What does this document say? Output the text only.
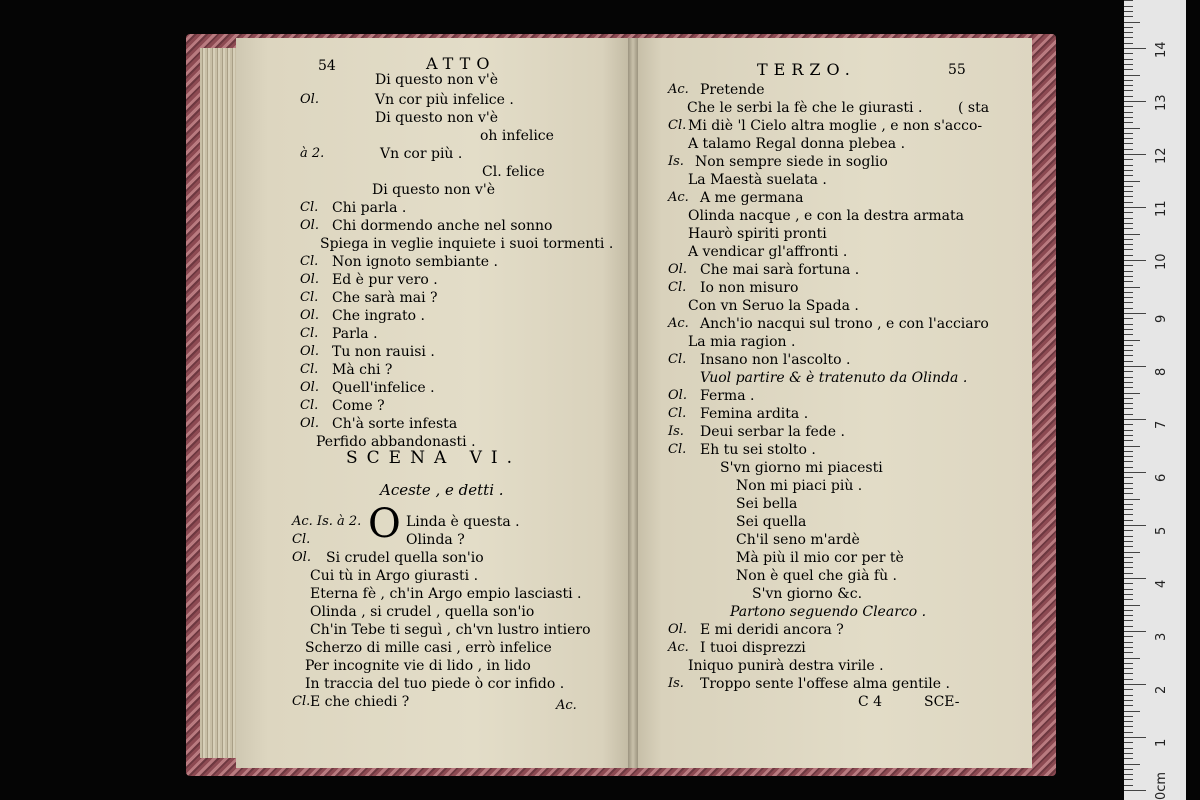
54	ATTO
Di questo non v'è
Ol.	Vn cor più infelice .
Di questo non v'è
oh infelice
à 2.	Vn cor più .
Cl. felice
Di questo non v'è
Cl. Chi parla .
Ol. Chi dormendo anche nel sonno
Spiega in veglie inquiete i suoi tormenti .
Cl. Non ignoto sembiante .
Ol. Ed è pur vero .
Cl. Che sarà mai ?
Ol. Che ingrato .
Cl. Parla .
Ol. Tu non rauisi .
Cl. Mà chi ?
Ol. Quell'infelice .
Cl. Come ?
Ol. Ch'à sorte infesta
Perfido abbandonasti .
SCENA VI.
Aceste , e detti .
O
Ac. Is. à 2.	Linda è questa .
Cl.	Olinda ?
Ol. Si crudel quella son'io
Cui tù in Argo giurasti .
Eterna fè , ch'in Argo empio lasciasti .
Olinda , si crudel , quella son'io
Ch'in Tebe ti seguì , ch'vn lustro intiero
Scherzo di mille casi , errò infelice
Per incognite vie di lido , in lido
In traccia del tuo piede ò cor infido .
Cl. E che chiedi ?	Ac.
TERZO.	55
Ac. Pretende
Che le serbi la fè che le giurasti .	( sta
Cl. Mi diè 'l Cielo altra moglie , e non s'acco-
A talamo Regal donna plebea .
Is. Non sempre siede in soglio
La Maestà suelata .
Ac. A me germana
Olinda nacque , e con la destra armata
Haurò spiriti pronti
A vendicar gl'affronti .
Ol. Che mai sarà fortuna .
Cl. Io non misuro
Con vn Seruo la Spada .
Ac. Anch'io nacqui sul trono , e con l'acciaro
La mia ragion .
Cl. Insano non l'ascolto .
Vuol partire & è tratenuto da Olinda .
Ol. Ferma .
Cl. Femina ardita .
Is. Deui serbar la fede .
Cl. Eh tu sei stolto .
S'vn giorno mi piacesti
Non mi piaci più .
Sei bella
Sei quella
Ch'il seno m'ardè
Mà più il mio cor per tè
Non è quel che già fù .
S'vn giorno &c.
Partono seguendo Clearco .
Ol. E mi deridi ancora ?
Ac. I tuoi disprezzi
Iniquo punirà destra virile .
Is. Troppo sente l'offese alma gentile .
C 4	SCE-
14
13
12
11
10
9
8
7
6
5
4
3
2
1
0cm
